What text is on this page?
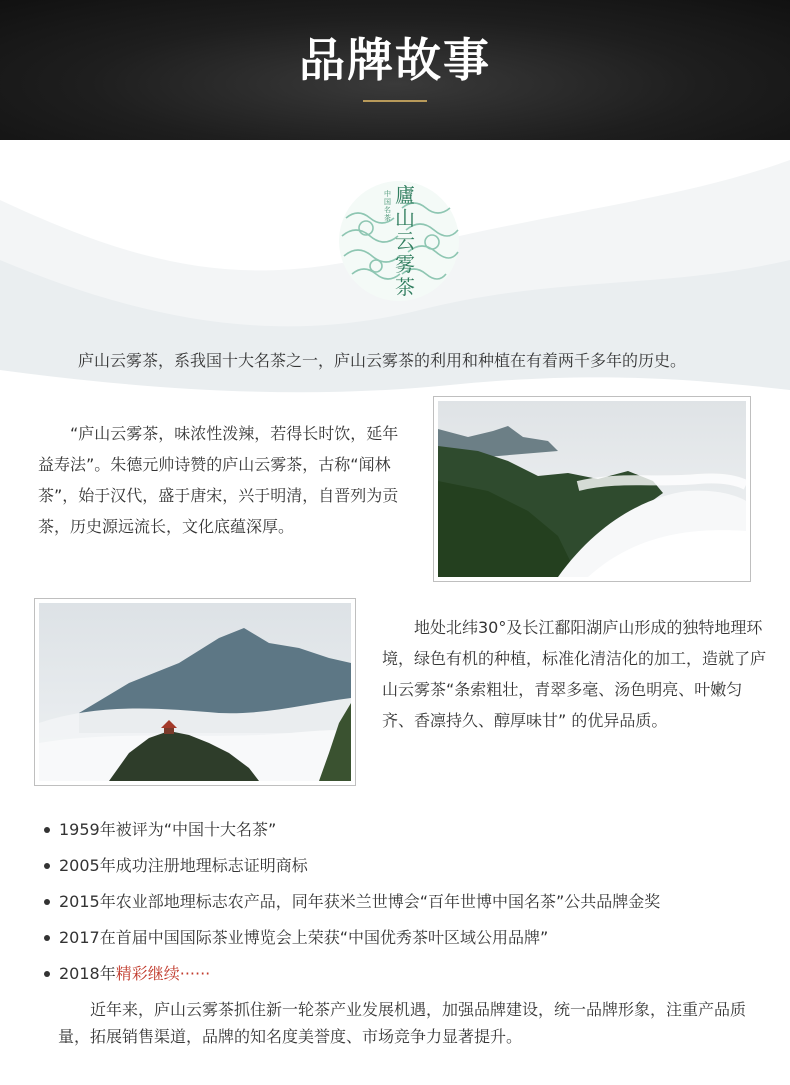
品牌故事
中国名茶
廬
山
云
雾
茶
庐山云雾茶，系我国十大名茶之一，庐山云雾茶的利用和种植在有着两千多年的历史。
“庐山云雾茶，味浓性泼辣，若得长时饮，延年益寿法”。朱德元帅诗赞的庐山云雾茶，古称“闻林茶”，始于汉代，盛于唐宋，兴于明清，自晋列为贡茶，历史源远流长，文化底蕴深厚。
地处北纬30°及长江鄱阳湖庐山形成的独特地理环境，绿色有机的种植，标准化清洁化的加工，造就了庐山云雾茶“条索粗壮，青翠多毫、汤色明亮、叶嫩匀齐、香凛持久、醇厚味甘” 的优异品质。
1959年被评为“中国十大名茶”
2005年成功注册地理标志证明商标
2015年农业部地理标志农产品，同年获米兰世博会“百年世博中国名茶”公共品牌金奖
2017在首届中国国际茶业博览会上荣获“中国优秀茶叶区域公用品牌”
2018年精彩继续······
近年来，庐山云雾茶抓住新一轮茶产业发展机遇，加强品牌建设，统一品牌形象，注重产品质量，拓展销售渠道，品牌的知名度美誉度、市场竞争力显著提升。
